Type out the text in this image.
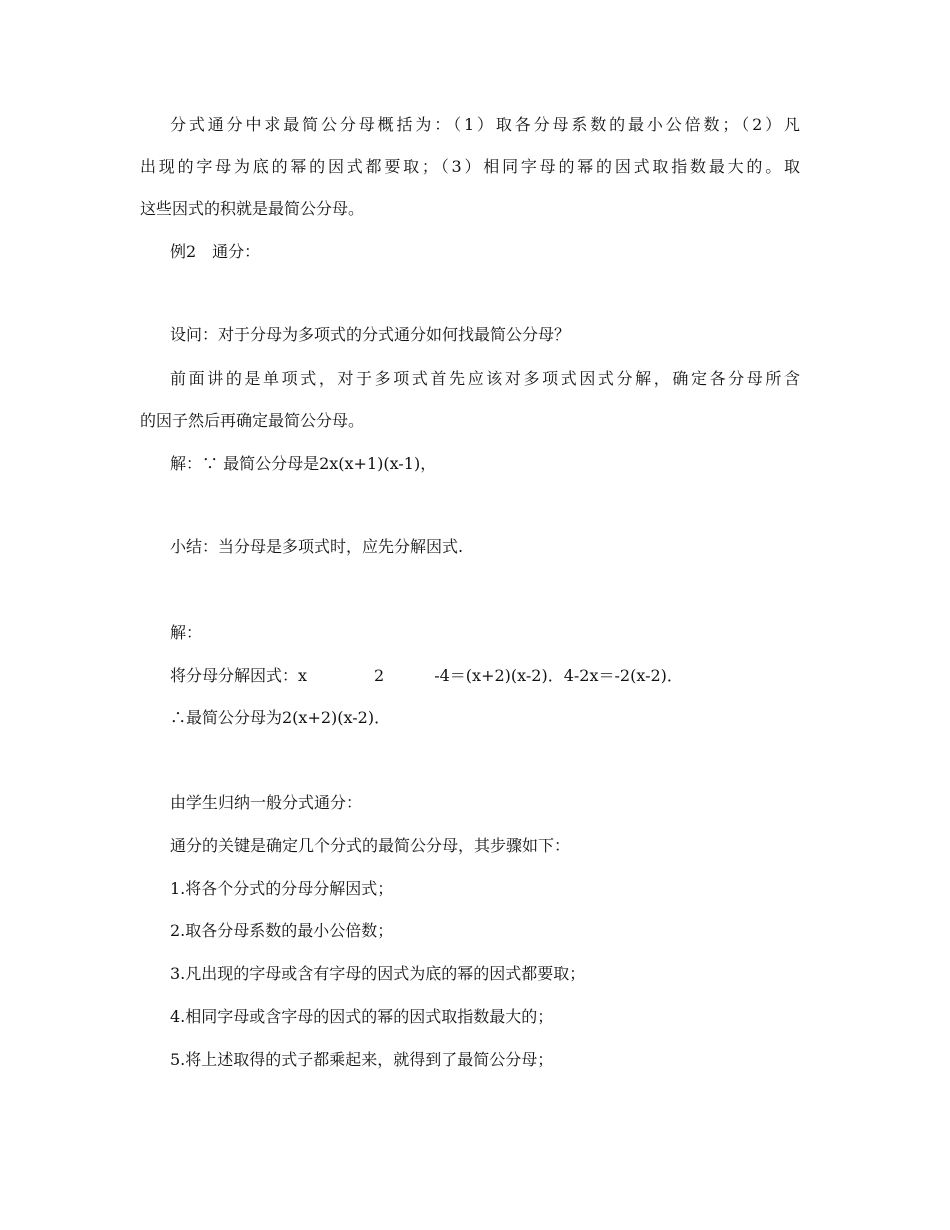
分式通分中求最简公分母概括为：（1）取各分母系数的最小公倍数；（2）凡
出现的字母为底的幂的因式都要取；（3）相同字母的幂的因式取指数最大的。取
这些因式的积就是最简公分母。
例2　通分：
设问：对于分母为多项式的分式通分如何找最简公分母？
前面讲的是单项式，对于多项式首先应该对多项式因式分解，确定各分母所含
的因子然后再确定最简公分母。
解：∵ 最简公分母是2x(x+1)(x-1)，
小结：当分母是多项式时，应先分解因式.
解：
将分母分解因式：x	2	-4＝(x+2)(x-2)．4-2x＝-2(x-2)．
∴最简公分母为2(x+2)(x-2)．
由学生归纳一般分式通分：
通分的关键是确定几个分式的最简公分母，其步骤如下：
1.将各个分式的分母分解因式；
2.取各分母系数的最小公倍数；
3.凡出现的字母或含有字母的因式为底的幂的因式都要取；
4.相同字母或含字母的因式的幂的因式取指数最大的；
5.将上述取得的式子都乘起来，就得到了最简公分母；
